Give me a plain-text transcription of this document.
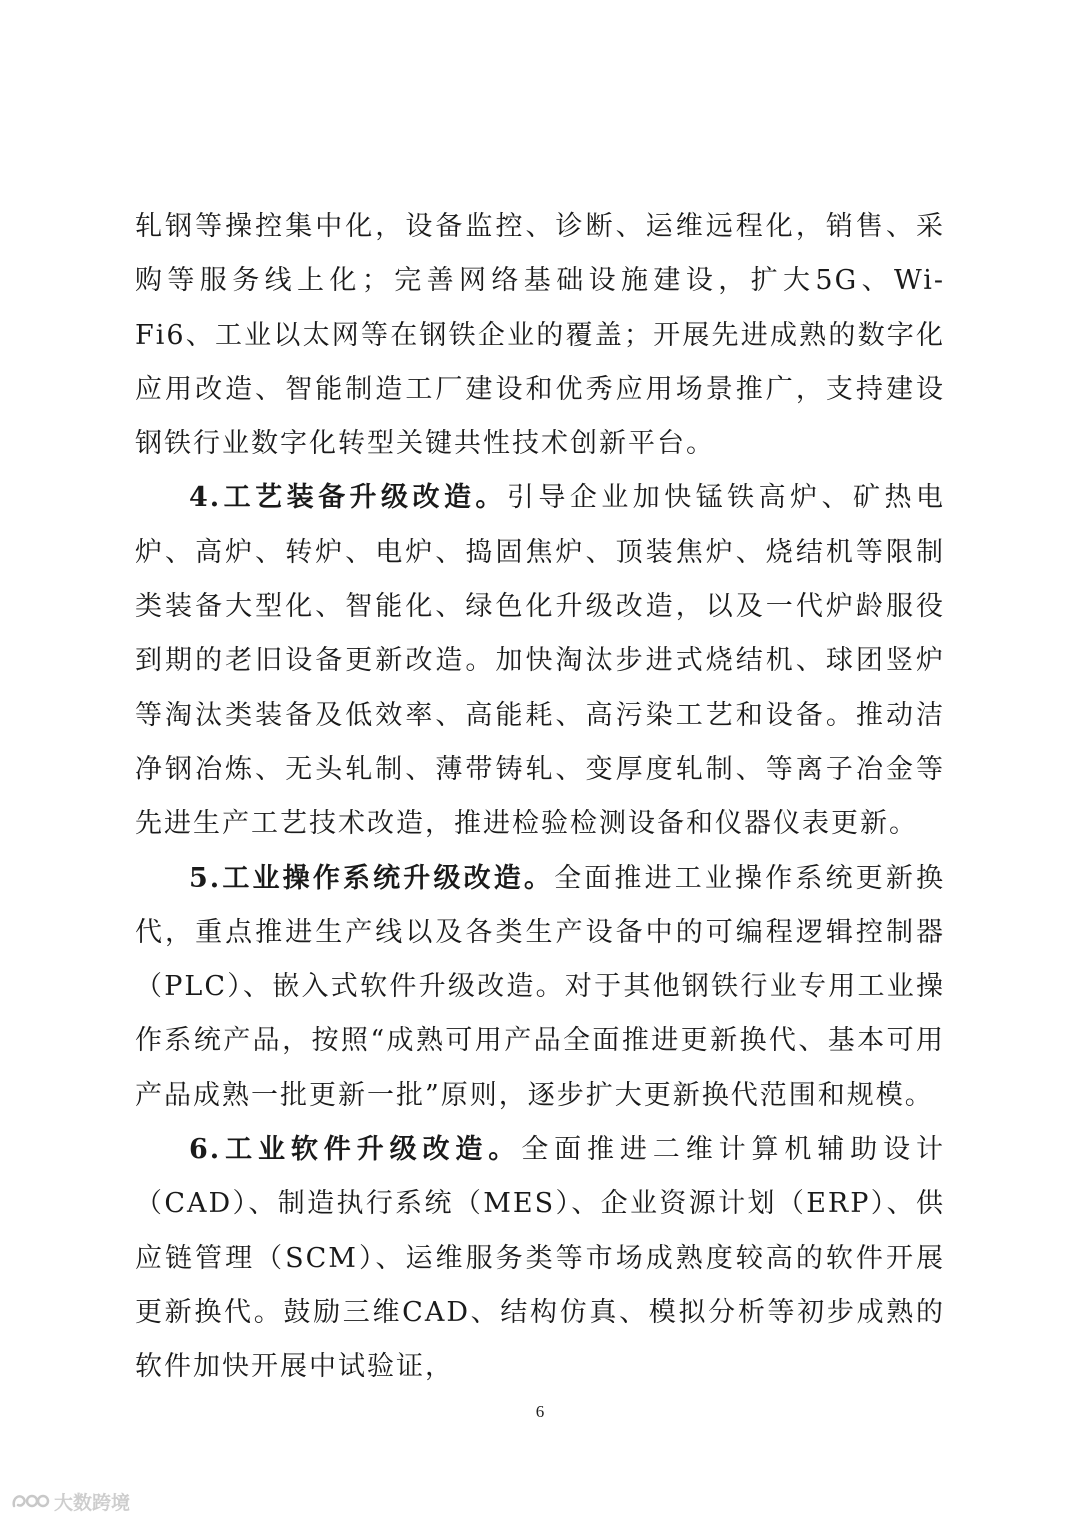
轧钢等操控集中化，设备监控、诊断、运维远程化，销售、采购等服务线上化；完善网络基础设施建设，扩大5G、Wi-Fi6、工业以太网等在钢铁企业的覆盖；开展先进成熟的数字化应用改造、智能制造工厂建设和优秀应用场景推广，支持建设钢铁行业数字化转型关键共性技术创新平台。

4.工艺装备升级改造。引导企业加快锰铁高炉、矿热电炉、高炉、转炉、电炉、捣固焦炉、顶装焦炉、烧结机等限制类装备大型化、智能化、绿色化升级改造，以及一代炉龄服役到期的老旧设备更新改造。加快淘汰步进式烧结机、球团竖炉等淘汰类装备及低效率、高能耗、高污染工艺和设备。推动洁净钢冶炼、无头轧制、薄带铸轧、变厚度轧制、等离子冶金等先进生产工艺技术改造，推进检验检测设备和仪器仪表更新。

5.工业操作系统升级改造。全面推进工业操作系统更新换代，重点推进生产线以及各类生产设备中的可编程逻辑控制器（PLC）、嵌入式软件升级改造。对于其他钢铁行业专用工业操作系统产品，按照“成熟可用产品全面推进更新换代、基本可用产品成熟一批更新一批”原则，逐步扩大更新换代范围和规模。

6.工业软件升级改造。全面推进二维计算机辅助设计（CAD）、制造执行系统（MES）、企业资源计划（ERP）、供应链管理（SCM）、运维服务类等市场成熟度较高的软件开展更新换代。鼓励三维CAD、结构仿真、模拟分析等初步成熟的软件加快开展中试验证，

6
大数跨境
